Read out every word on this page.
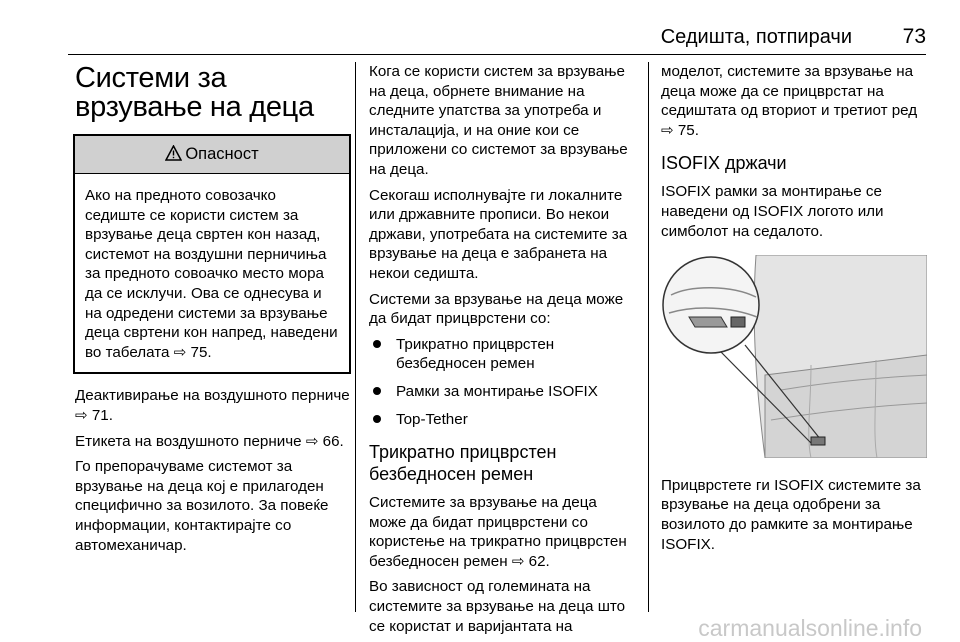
Седишта, потпирачи 73
Системи за врзување на деца
Опасност
Ако на предното совозачко седиште се користи систем за врзување деца свртен кон назад, системот на воздушни перничиња за предното совоачко место мора да се исклучи. Ова се однесува и на одредени системи за врзување деца свртени кон напред, наведени во табелата ⇨ 75.

Деактивирање на воздушното перниче ⇨ 71.

Етикета на воздушното перниче ⇨ 66.

Го препорачуваме системот за врзување на деца кој е прилагоден специфично за возилото. За повеќе информации, контактирајте со автомеханичар.

Кога се користи систем за врзување на деца, обрнете внимание на следните упатства за употреба и инсталација, и на оние кои се приложени со системот за врзување на деца.

Секогаш исполнувајте ги локалните или државните прописи. Во некои држави, употребата на системите за врзување на деца е забранета на некои седишта.

Системи за врзување на деца може да бидат прицврстени со:

Трикратно прицврстен безбедносен ремен
Рамки за монтирање ISOFIX
Top-Tether
Трикратно прицврстен безбедносен ремен

Системите за врзување на деца може да бидат прицврстени со користење на трикратно прицврстен безбедносен ремен ⇨ 62.

Во зависност од големината на системите за врзување на деца што се користат и варијантата на

моделот, системите за врзување на деца може да се прицврстат на седиштата од вториот и третиот ред ⇨ 75.

ISOFIX држачи

ISOFIX рамки за монтирање се наведени од ISOFIX логото или симболот на седалото.

Прицврстете ги ISOFIX системите за врзување на деца одобрени за возилото до рамките за монтирање ISOFIX.

carmanualsonline.info
